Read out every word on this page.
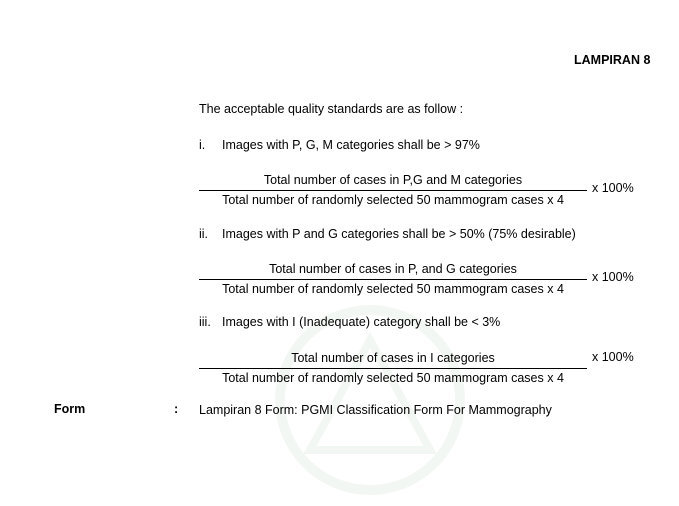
LAMPIRAN 8
The acceptable quality standards are as follow :
i. Images with P, G, M categories shall be > 97%
Total number of cases in P,G and M categories
Total number of randomly selected 50 mammogram cases x 4
x 100%
ii. Images with P and G categories shall be > 50% (75% desirable)
Total number of cases in P, and G categories
Total number of randomly selected 50 mammogram cases x 4
x 100%
iii. Images with I (Inadequate) category shall be < 3%
Total number of cases in I categories
Total number of randomly selected 50 mammogram cases x 4
x 100%
Form	: Lampiran 8 Form: PGMI Classification Form For Mammography
